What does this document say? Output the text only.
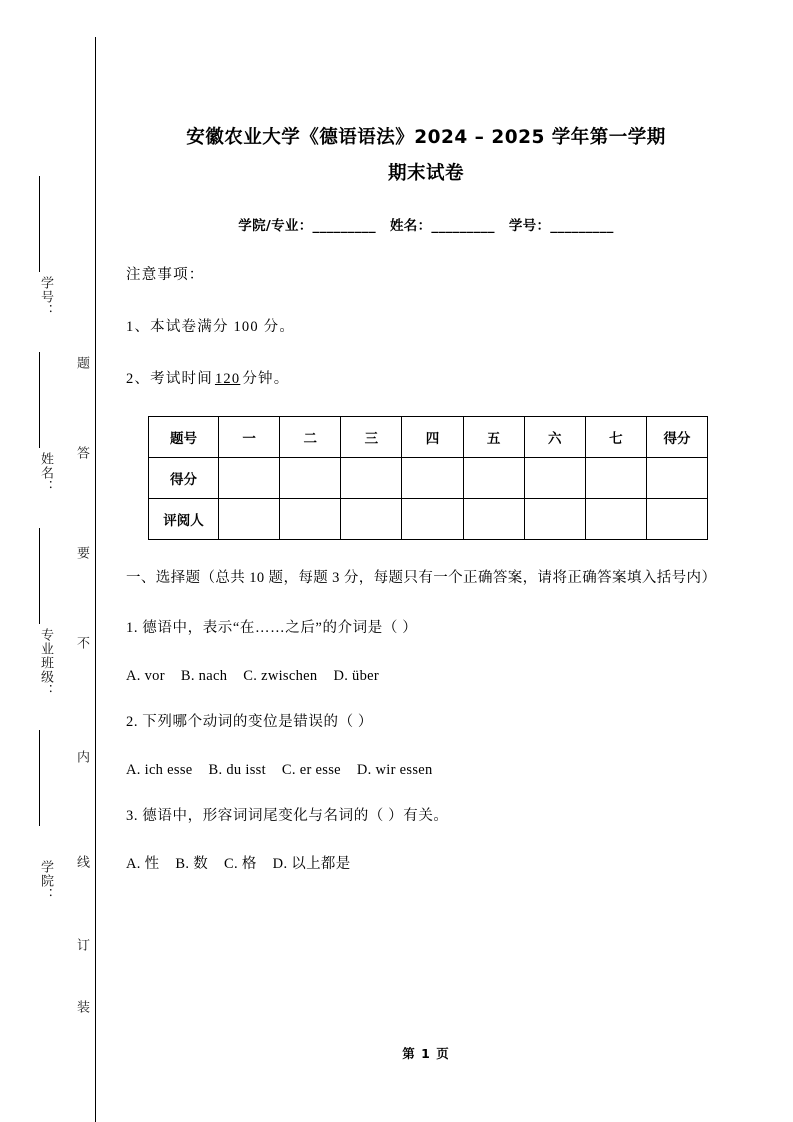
学号：
姓名：
专业班级：
学院：
题
答
要
不
内
线
订
装
安徽农业大学《德语语法》2024 – 2025 学年第一学期
期末试卷
学院/专业：_________ 姓名：_________ 学号：_________

注意事项：

1、本试卷满分 100 分。

2、考试时间 120 分钟。

题号	一	二	三	四	五	六	七	得分
得分								
评阅人								

一、选择题（总共 10 题，每题 3 分，每题只有一个正确答案，请将正确答案填入括号内）

1. 德语中，表示“在……之后”的介词是（ ）

A. vor B. nach C. zwischen D. über

2. 下列哪个动词的变位是错误的（ ）

A. ich esse B. du isst C. er esse D. wir essen

3. 德语中，形容词词尾变化与名词的（ ）有关。

A. 性 B. 数 C. 格 D. 以上都是

第 1 页
